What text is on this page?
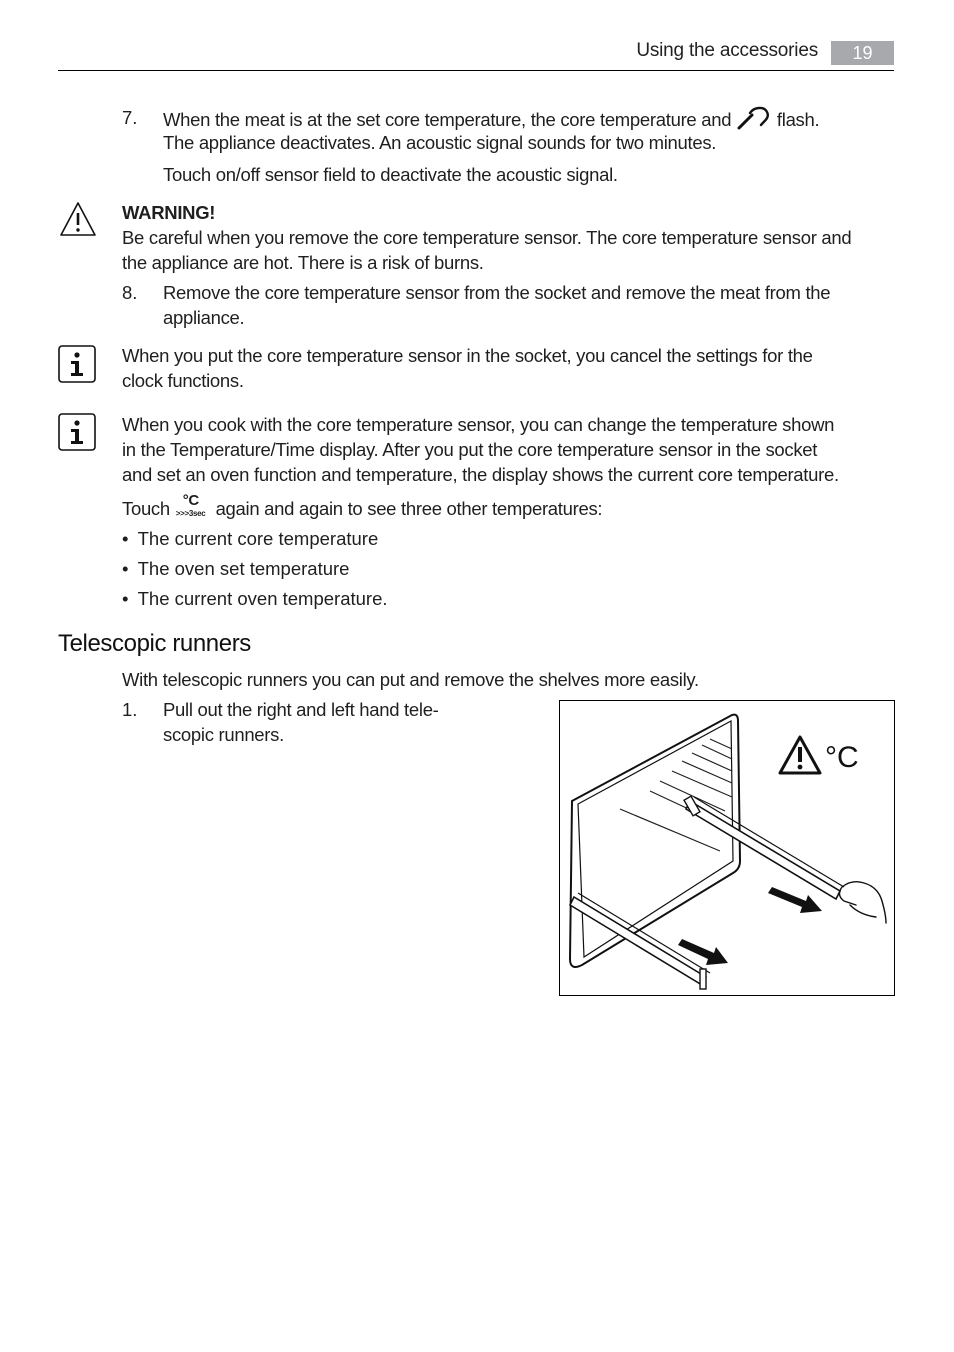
Using the accessories	19
7. When the meat is at the set core temperature, the core temperature and flash.
The appliance deactivates. An acoustic signal sounds for two minutes.
Touch on/off sensor field to deactivate the acoustic signal.
WARNING!
Be careful when you remove the core temperature sensor. The core temperature sensor and
the appliance are hot. There is a risk of burns.
8. Remove the core temperature sensor from the socket and remove the meat from the
appliance.
When you put the core temperature sensor in the socket, you cancel the settings for the
clock functions.
When you cook with the core temperature sensor, you can change the temperature shown
in the Temperature/Time display. After you put the core temperature sensor in the socket
and set an oven function and temperature, the display shows the current core temperature.
Touch °C
>>>3sec again and again to see three other temperatures:
• The current core temperature
• The oven set temperature
• The current oven temperature.
Telescopic runners
With telescopic runners you can put and remove the shelves more easily.
1. Pull out the right and left hand tele-
scopic runners.
°C
